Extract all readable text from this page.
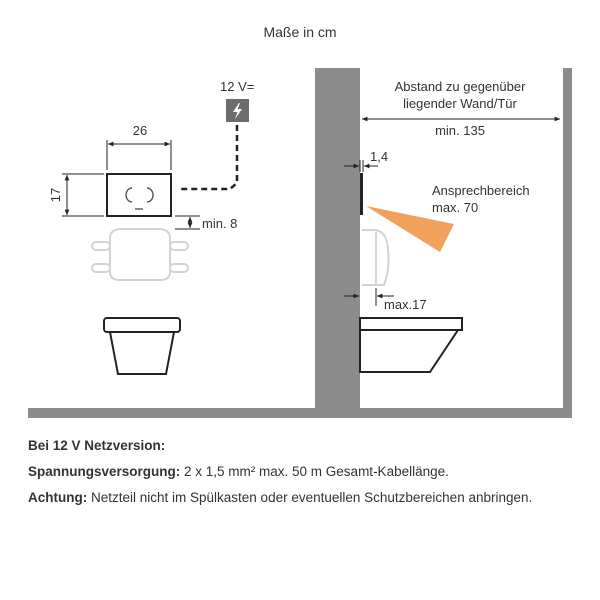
Maße in cm
12 V=
26
17
min. 8
Abstand zu gegenüber
liegender Wand/Tür
min. 135
1,4
Ansprechbereich
max. 70
max.17

Bei 12 V Netzversion:

Spannungsversorgung: 2 x 1,5 mm² max. 50 m Gesamt-Kabellänge.

Achtung: Netzteil nicht im Spülkasten oder eventuellen Schutzbereichen anbringen.
